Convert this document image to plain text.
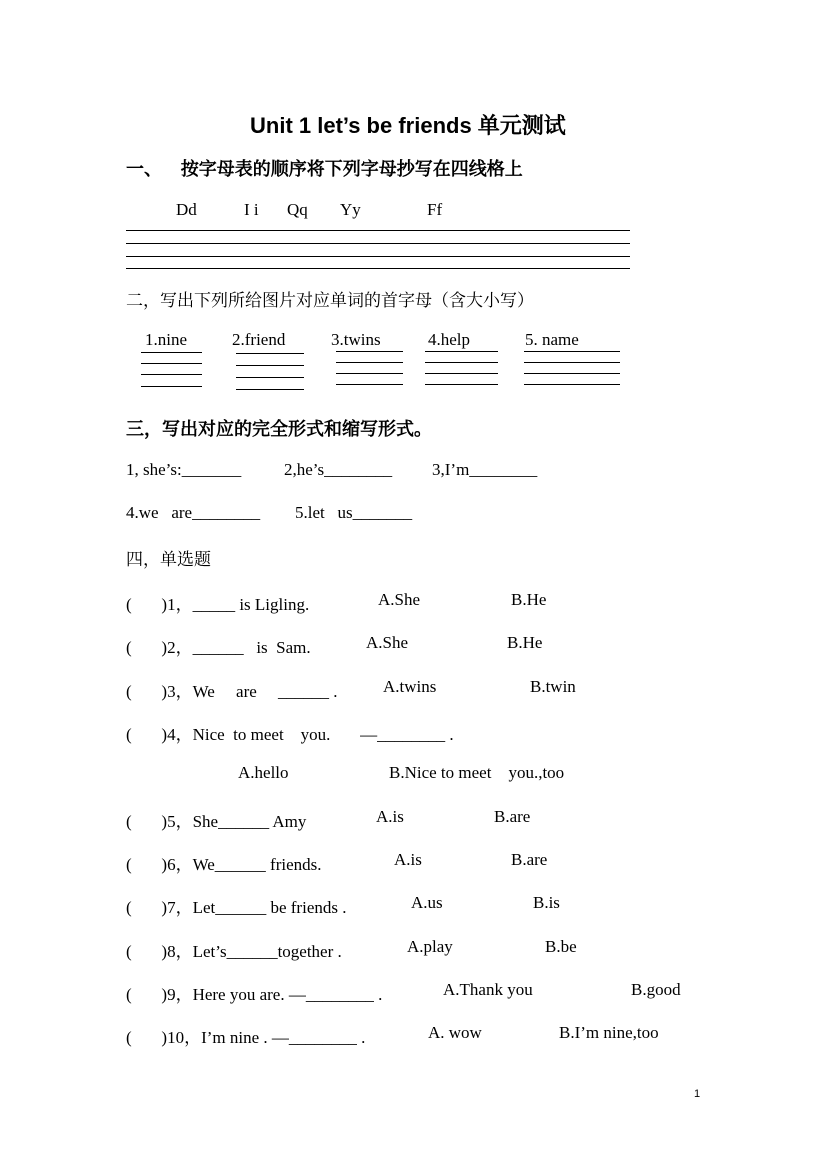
Unit 1 let’s be friends 单元测试
一、   按字母表的顺序将下列字母抄写在四线格上
Dd	I i Qq Yy	Ff
二，写出下列所给图片对应单词的首字母（含大小写）
1.nine	2.friend	3.twins	4.help	5. name
三，写出对应的完全形式和缩写形式。
1, she’s:_______	2,he’s________ 3,I’m________
4.we   are________ 5.let   us_______
四，单选题
(       )1，_____ is Ligling.	A.She	B.He
(       )2，______   is  Sam.	A.She	B.He
(       )3，We     are     ______ .	A.twins	B.twin
(       )4，Nice  to meet    you.       —________ .
A.hello	B.Nice to meet    you.,too
(       )5，She______ Amy	A.is	B.are
(       )6，We______ friends.	A.is	B.are
(       )7，Let______ be friends .	A.us	B.is
(       )8，Let’s______together .	A.play	B.be
(       )9，Here you are. —________ .	A.Thank you	B.good
(       )10，I’m nine . —________ .	A. wow	B.I’m nine,too
1
